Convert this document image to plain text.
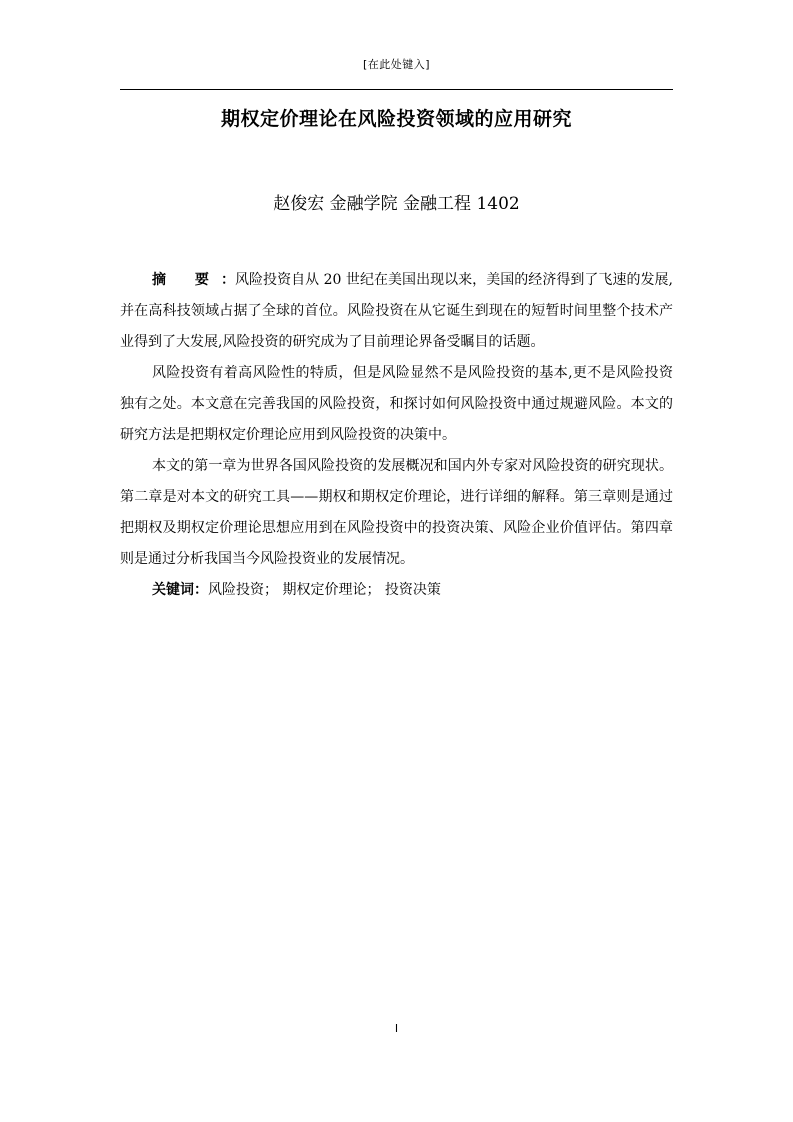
[在此处键入]
期权定价理论在风险投资领域的应用研究
赵俊宏 金融学院 金融工程 1402

摘 要：风险投资自从 20 世纪在美国出现以来，美国的经济得到了飞速的发展,并在高科技领域占据了全球的首位。风险投资在从它诞生到现在的短暂时间里整个技术产业得到了大发展,风险投资的研究成为了目前理论界备受瞩目的话题。

风险投资有着高风险性的特质，但是风险显然不是风险投资的基本,更不是风险投资独有之处。本文意在完善我国的风险投资，和探讨如何风险投资中通过规避风险。本文的研究方法是把期权定价理论应用到风险投资的决策中。

本文的第一章为世界各国风险投资的发展概况和国内外专家对风险投资的研究现状。第二章是对本文的研究工具——期权和期权定价理论，进行详细的解释。第三章则是通过把期权及期权定价理论思想应用到在风险投资中的投资决策、风险企业价值评估。第四章则是通过分析我国当今风险投资业的发展情况。

关键词：风险投资； 期权定价理论； 投资决策

I
